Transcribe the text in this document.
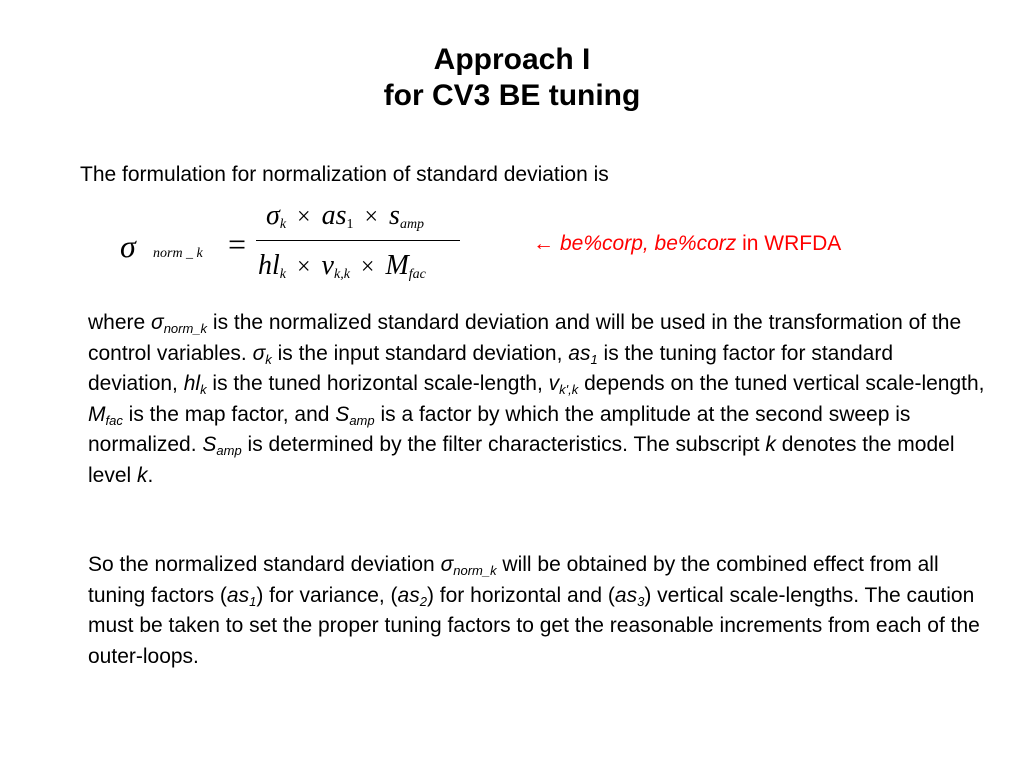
Approach I
for CV3 BE tuning
The formulation for normalization of standard deviation is
σ norm _ k =
$\sigma_k \times as_1 \times s_{amp}$
$hl_k \times v_{k,k} \times M_{fac}$
← be%corp, be%corz in WRFDA
where $\sigma_{norm\_k}$ is the normalized standard deviation and will be used in the transformation of the control variables. $\sigma_k$ is the input standard deviation, $as_1$ is the tuning factor for standard deviation, $hl_k$ is the tuned horizontal scale-length, $v_{k',k}$ depends on the tuned vertical scale-length, $M_{fac}$ is the map factor, and $S_{amp}$ is a factor by which the amplitude at the second sweep is normalized. $S_{amp}$ is determined by the filter characteristics. The subscript k denotes the model level k.
So the normalized standard deviation $\sigma_{norm\_k}$ will be obtained by the combined effect from all tuning factors $(as_1)$ for variance, $(as_2)$ for horizontal and $(as_3)$ vertical scale-lengths. The caution must be taken to set the proper tuning factors to get the reasonable increments from each of the outer-loops.
